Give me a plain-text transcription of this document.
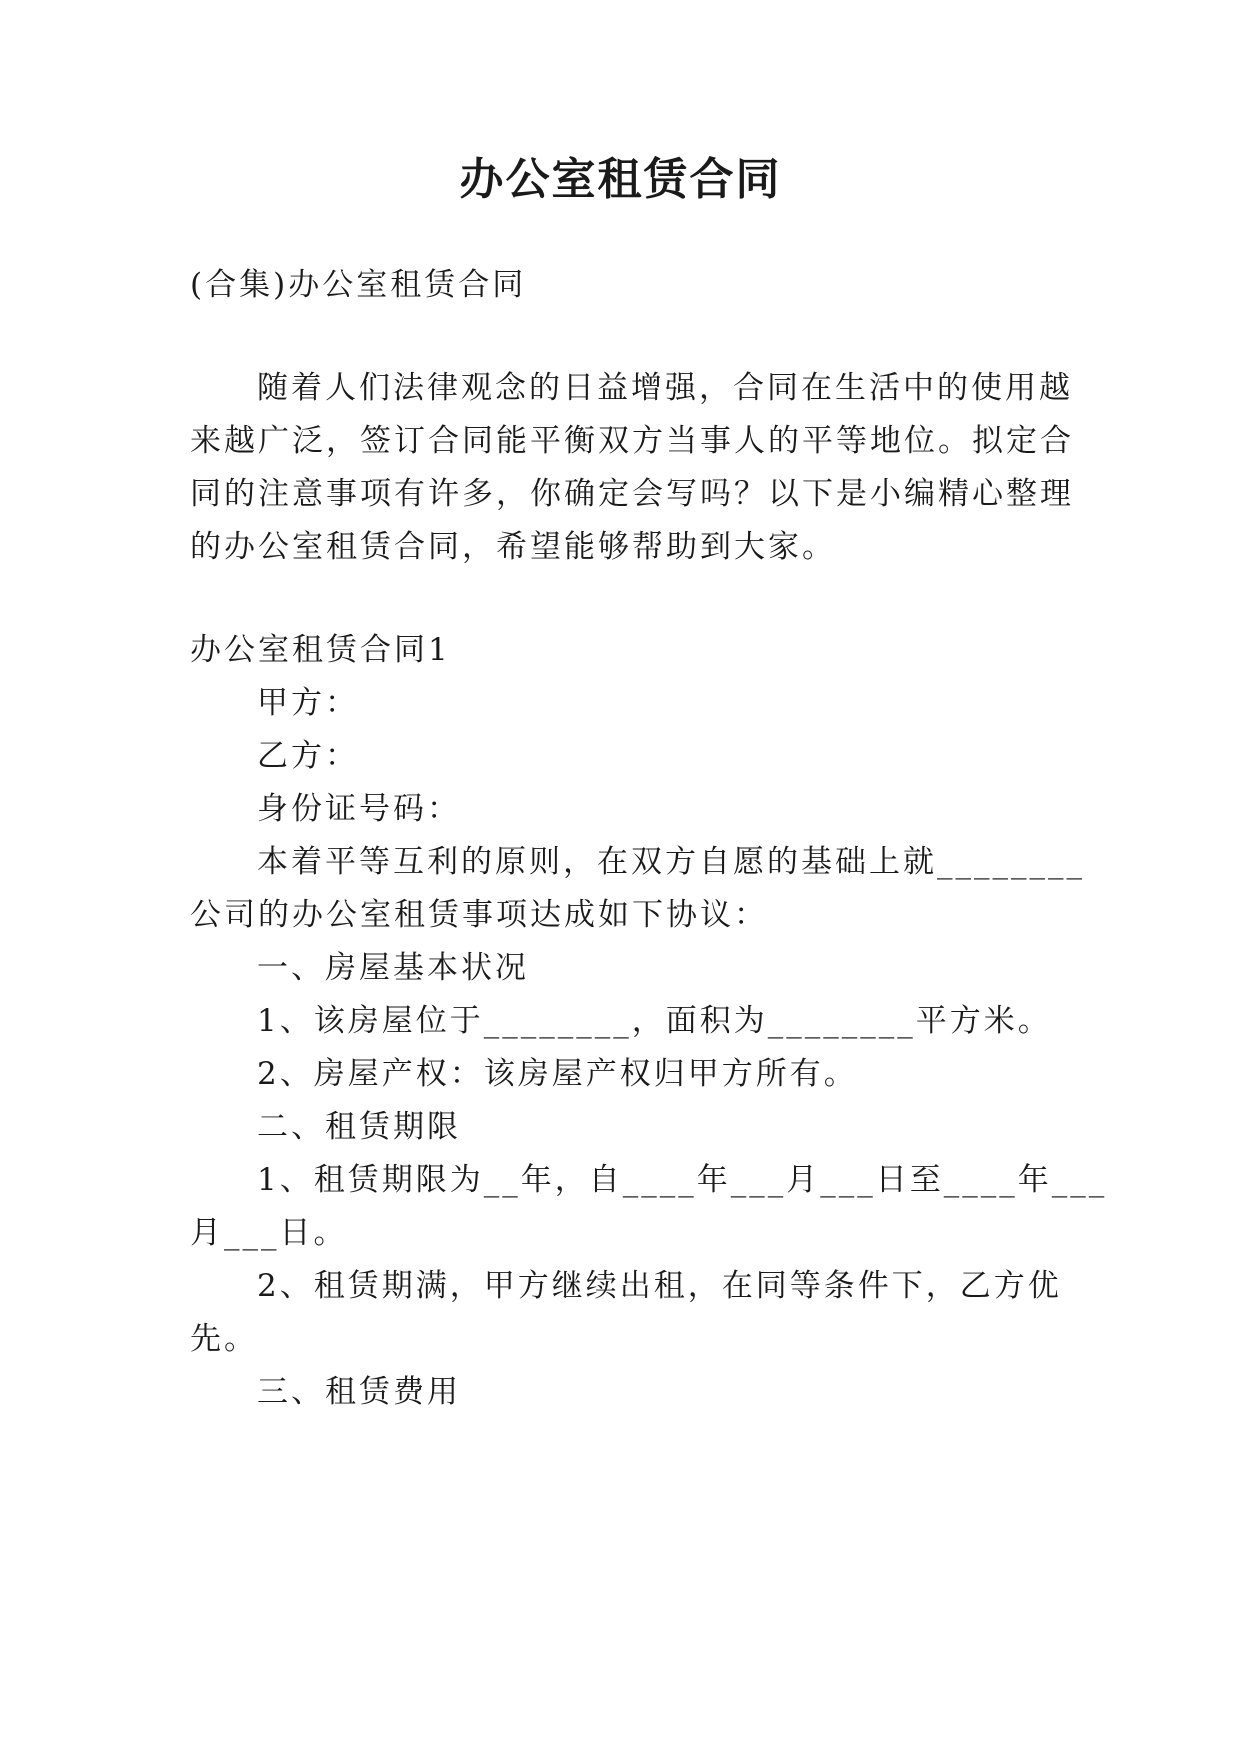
办公室租赁合同
(合集)办公室租赁合同
随着人们法律观念的日益增强，合同在生活中的使用越
来越广泛，签订合同能平衡双方当事人的平等地位。拟定合
同的注意事项有许多，你确定会写吗？以下是小编精心整理
的办公室租赁合同，希望能够帮助到大家。
办公室租赁合同1
甲方：
乙方：
身份证号码：
本着平等互利的原则，在双方自愿的基础上就________
公司的办公室租赁事项达成如下协议：
一、房屋基本状况
1、该房屋位于________，面积为________平方米。
2、房屋产权：该房屋产权归甲方所有。
二、租赁期限
1、租赁期限为__年，自____年___月___日至____年___
月___日。
2、租赁期满，甲方继续出租，在同等条件下，乙方优
先。
三、租赁费用
